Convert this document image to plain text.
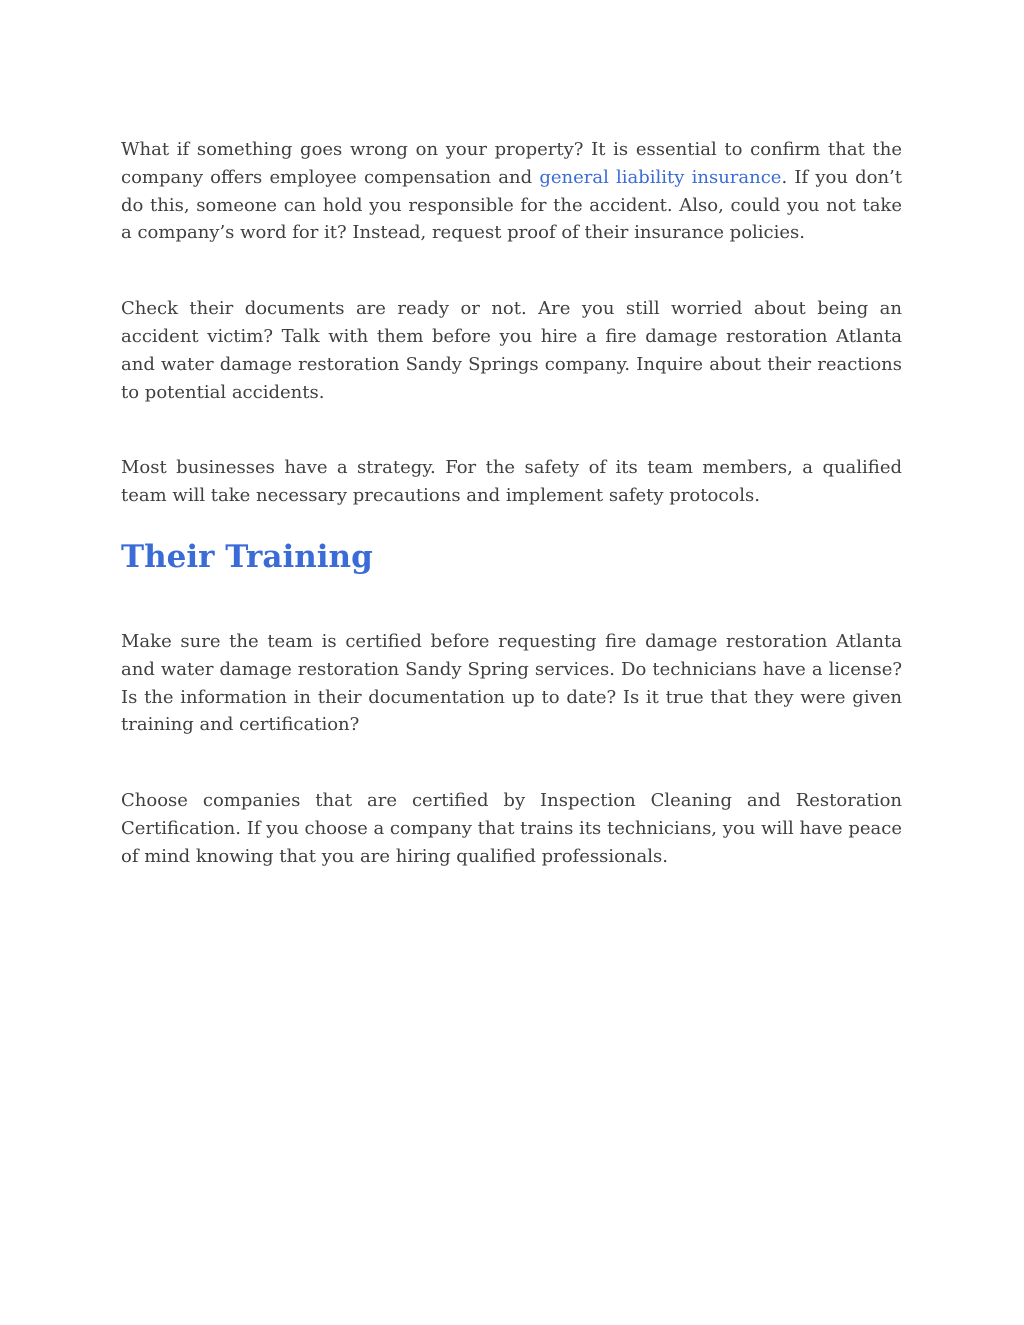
What if something goes wrong on your property? It is essential to confirm that the company offers employee compensation and general liability insurance. If you don’t do this, someone can hold you responsible for the accident. Also, could you not take a company’s word for it? Instead, request proof of their insurance policies.

Check their documents are ready or not. Are you still worried about being an accident victim? Talk with them before you hire a fire damage restoration Atlanta and water damage restoration Sandy Springs company. Inquire about their reactions to potential accidents.

Most businesses have a strategy. For the safety of its team members, a qualified team will take necessary precautions and implement safety protocols.

Their Training

Make sure the team is certified before requesting fire damage restoration Atlanta and water damage restoration Sandy Spring services. Do technicians have a license? Is the information in their documentation up to date? Is it true that they were given training and certification?

Choose companies that are certified by Inspection Cleaning and Restoration Certification. If you choose a company that trains its technicians, you will have peace of mind knowing that you are hiring qualified professionals.
